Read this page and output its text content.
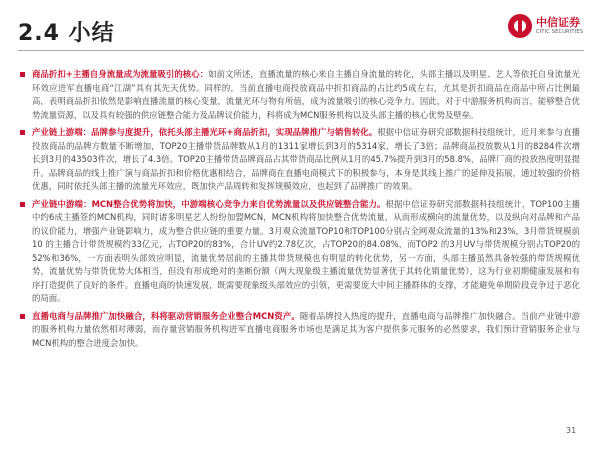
2.4 小结	中信证券
CITIC SECURITIES
商品折扣+主播自身流量成为流量吸引的核心：如前文所述，直播流量的核心来自主播自身流量的转化，头部主播以及明星、艺人等依托自身流量光环效应进军直播电商“江湖”具有其先天优势。同样的，当前直播电商投放商品中折扣商品的占比约5成左右，尤其是折扣商品在商品中所占比例最高，表明商品折扣依然是影响直播流量的核心变量，流量光环与物有所值，成为流量吸引的核心竞争力。因此，对于中游服务机构而言，能够整合优势流量资源，以及具有较强的供应链整合能力及品牌议价能力，科将成为MCN服务机构以及头部主播的核心优势及壁垒。
产业链上游端：品牌参与度提升，依托头部主播光环+商品折扣，实现品牌推广与销售转化。根据中信证券研究部数据科技组统计，近月来参与直播投放商品的品牌方数量不断增加，TOP20主播带货品牌数从1月的1311家增长到3月的5314家，增长了3倍；品牌商品投放数从1月的8284件次增长到3月的43503件次，增长了4.3倍。TOP20主播带货品牌商品占其带货商品比例从1月的45.7%提升到3月的58.8%，品牌厂商的投放热度明显提升。品牌商品的线上推广演与商品折扣和价格优惠相结合，品牌商在直播电商模式下的积极参与，本身是其线上推广的延伸及拓展，通过较强的价格优惠，同时依托头部主播的流量光环效应，既加快产品周转和发挥规模效应，也起到了品牌推广的效果。
产业链中游端：MCN整合优势将加快，中游端核心竞争力来自优势流量以及供应链整合能力。根据中信证券研究部数据科技组统计，TOP100主播中约6成主播签约MCN机构，同时诸多明星艺人纷纷加盟MCN，MCN机构将加快整合优势流量，从而形成横向的流量优势，以及纵向对品牌和产品的议价能力，增强产业链影响力，成为整合供应链的重要力量。3月观众流量TOP10和TOP100分别占全网观众流量的13%和23%，3月带货规模前10 的主播合计带货规模约33亿元，占TOP20的83%，合计UV约2.78亿次，占TOP20的84.08%，而TOP2 的3月UV与带货规模分别占TOP20的52%和36%，一方面表明头部效应明显，流量优势居前的主播其带货规模也有明显的转化优势，另一方面，头部主播虽然具备较强的带货规模优势，流量优势与带货优势大体相当，但没有形成绝对的垄断份额（两大现象级主播流量优势显著优于其转化销量优势），这为行业初期健康发展和有序打造提供了良好的条件。直播电商的快速发展，既需要现象级头部效应的引领，更需要庞大中间主播群体的支撑，才能避免单期阶段竞争过于恶化的局面。
直播电商与品牌推广加快融合，科将驱动营销服务企业整合MCN资产。随着品牌投入热度的提升，直播电商与品牌推广加快融合。当前产业链中游的服务机构力量依然相对薄弱，而存量营销服务机构进军直播电商服务市场也是满足其为客户提供多元服务的必然要求，我们预计营销服务企业与MCN机构的整合进度会加快。
31
